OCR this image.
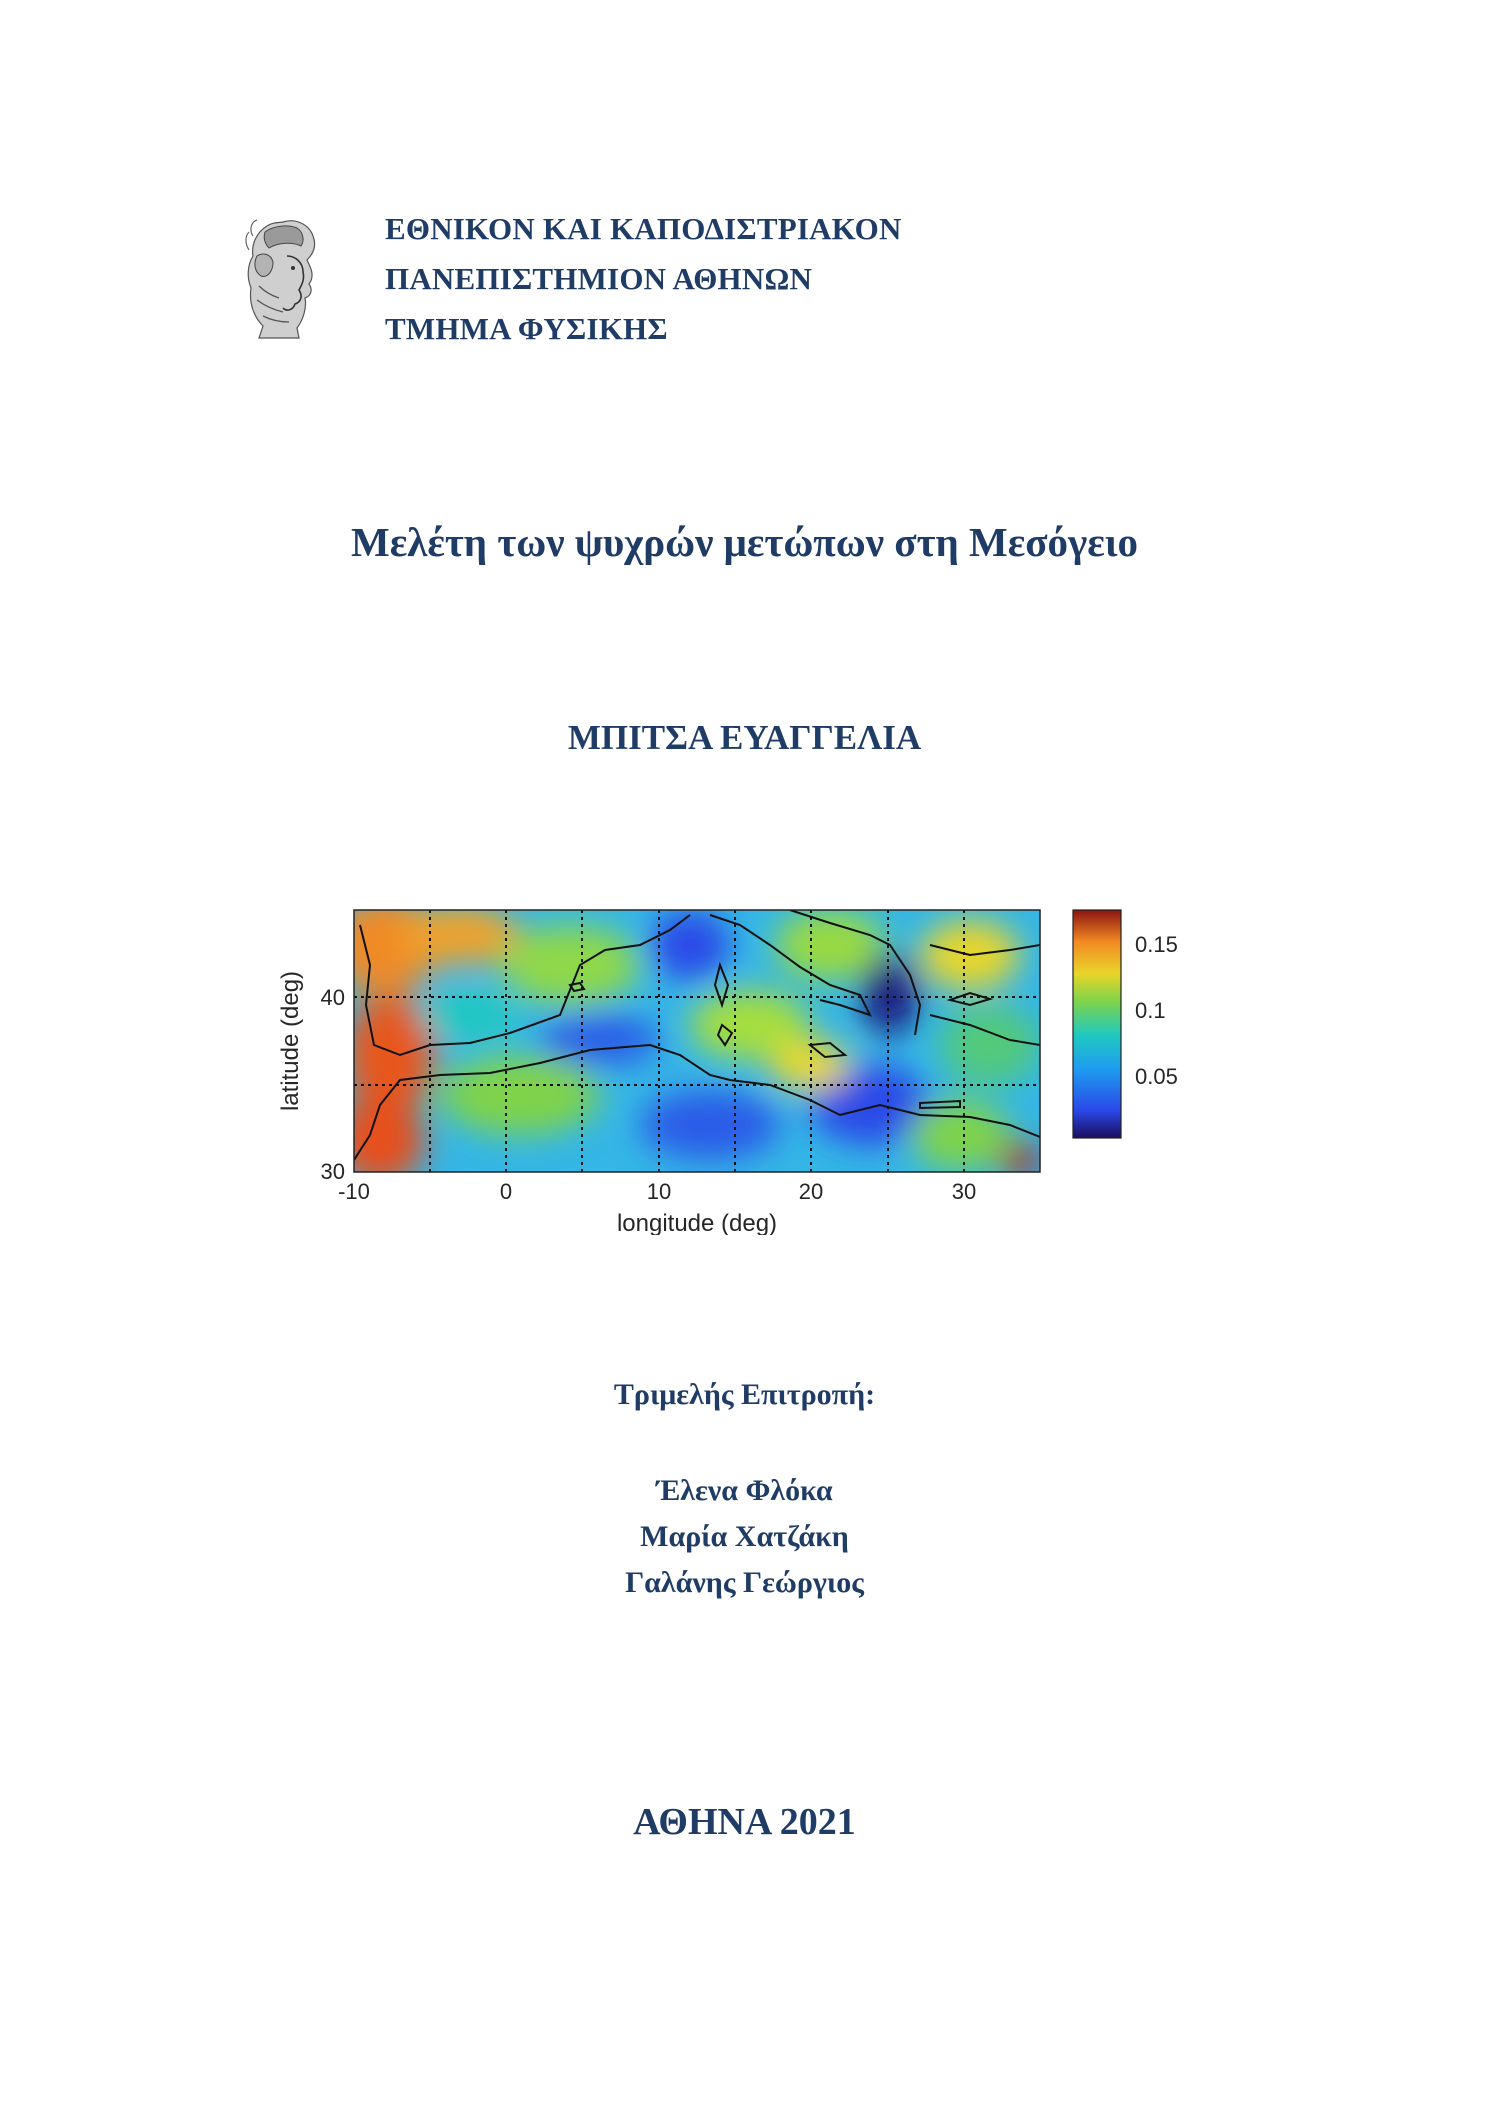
ΕΘΝΙΚΟΝ ΚΑΙ ΚΑΠΟΔΙΣΤΡΙΑΚΟΝ
ΠΑΝΕΠΙΣΤΗΜΙΟΝ ΑΘΗΝΩΝ
ΤΜΗΜΑ ΦΥΣΙΚΗΣ
Μελέτη των ψυχρών μετώπων στη Μεσόγειο
ΜΠΙΤΣΑ ΕΥΑΓΓΕΛΙΑ
40
30
-10	0	10	20	30
longitude (deg)
latitude (deg)
0.15
0.1
0.05
Τριμελής Επιτροπή:
Έλενα Φλόκα
Μαρία Χατζάκη
Γαλάνης Γεώργιος
ΑΘΗΝΑ 2021
